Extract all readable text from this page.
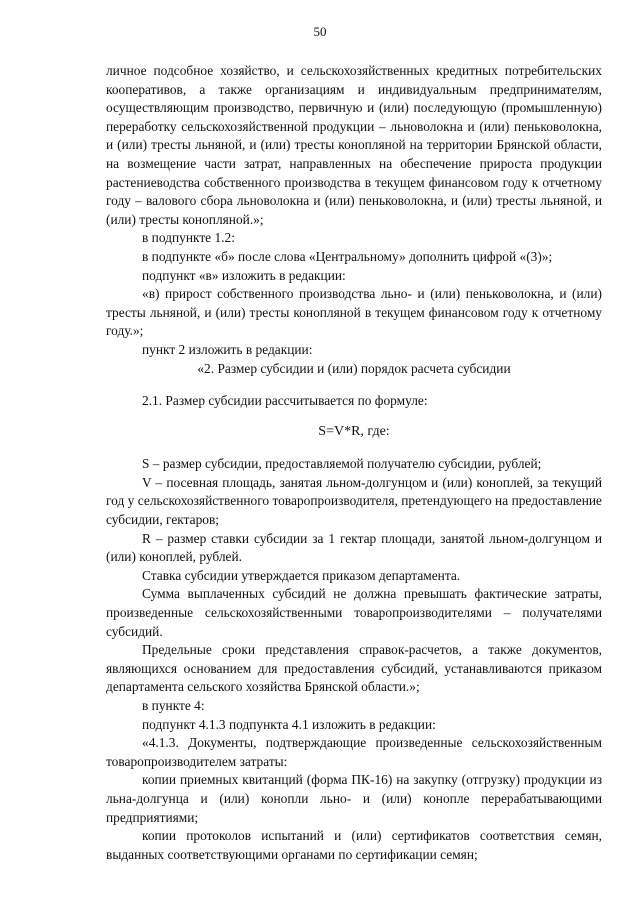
50

личное подсобное хозяйство, и сельскохозяйственных кредитных потребительских кооперативов, а также организациям и индивидуальным предпринимателям, осуществляющим производство, первичную и (или) последующую (промышленную) переработку сельскохозяйственной продукции – льноволокна и (или) пеньковолокна, и (или) тресты льняной, и (или) тресты конопляной на территории Брянской области, на возмещение части затрат, направленных на обеспечение прироста продукции растениеводства собственного производства в текущем финансовом году к отчетному году – валового сбора льноволокна и (или) пеньковолокна, и (или) тресты льняной, и (или) тресты конопляной.»;

в подпункте 1.2:

в подпункте «б» после слова «Центральному» дополнить цифрой «(3)»;

подпункт «в» изложить в редакции:

«в) прирост собственного производства льно- и (или) пеньковолокна, и (или) тресты льняной, и (или) тресты конопляной в текущем финансовом году к отчетному году.»;

пункт 2 изложить в редакции:

«2. Размер субсидии и (или) порядок расчета субсидии

2.1. Размер субсидии рассчитывается по формуле:

S=V*R, где:

S – размер субсидии, предоставляемой получателю субсидии, рублей;

V – посевная площадь, занятая льном-долгунцом и (или) коноплей, за текущий год у сельскохозяйственного товаропроизводителя, претендующего на предоставление субсидии, гектаров;

R – размер ставки субсидии за 1 гектар площади, занятой льном-долгунцом и (или) коноплей, рублей.

Ставка субсидии утверждается приказом департамента.

Сумма выплаченных субсидий не должна превышать фактические затраты, произведенные сельскохозяйственными товаропроизводителями – получателями субсидий.

Предельные сроки представления справок-расчетов, а также документов, являющихся основанием для предоставления субсидий, устанавливаются приказом департамента сельского хозяйства Брянской области.»;

в пункте 4:

подпункт 4.1.3 подпункта 4.1 изложить в редакции:

«4.1.3. Документы, подтверждающие произведенные сельскохозяйственным товаропроизводителем затраты:

копии приемных квитанций (форма ПК-16) на закупку (отгрузку) продукции из льна-долгунца и (или) конопли льно- и (или) конопле перерабатывающими предприятиями;

копии протоколов испытаний и (или) сертификатов соответствия семян, выданных соответствующими органами по сертификации семян;
